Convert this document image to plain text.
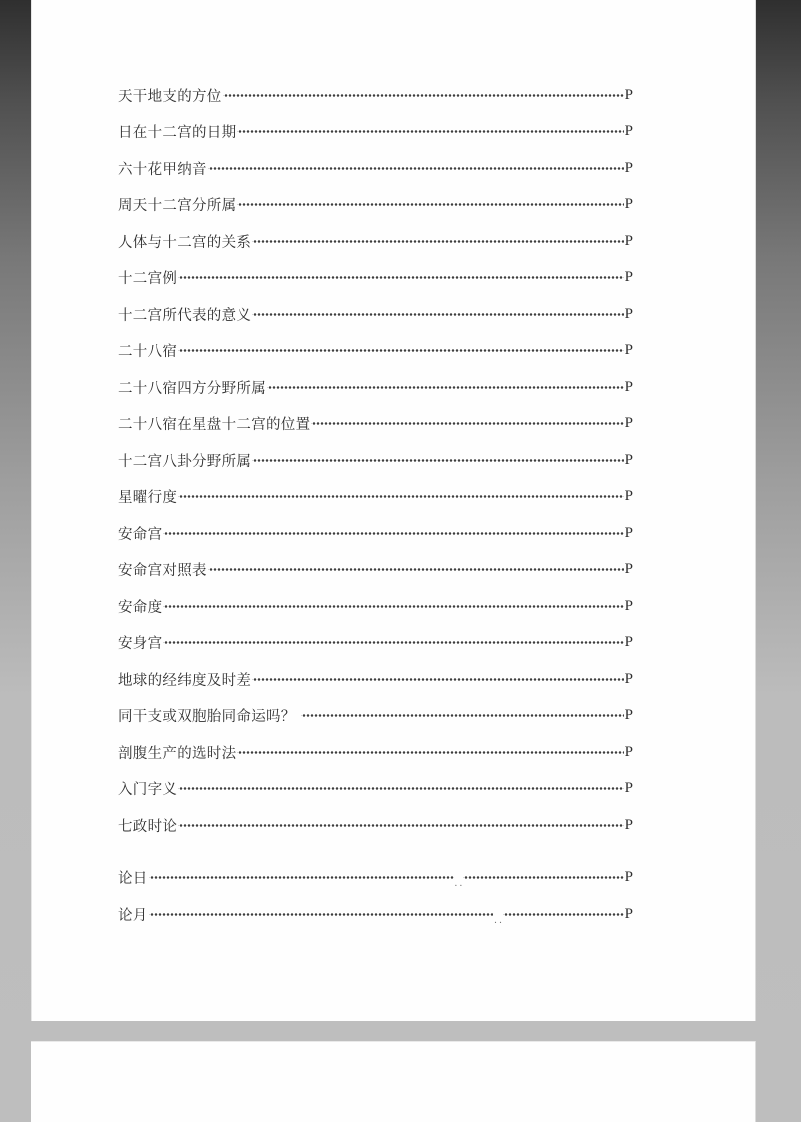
天干地支的方位	P
日在十二宫的日期	P
六十花甲纳音	P
周天十二宫分所属	P
人体与十二宫的关系	P
十二宫例	P
十二宫所代表的意义	P
二十八宿	P
二十八宿四方分野所属	P
二十八宿在星盘十二宫的位置	P
十二宫八卦分野所属	P
星曜行度	P
安命宫	P
安命宫对照表	P
安命度	P
安身宫	P
地球的经纬度及时差	P
同干支或双胞胎同命运吗？	P
剖腹生产的选时法	P
入门字义	P
七政时论	P
论日	. .	P
论月	. .	P
